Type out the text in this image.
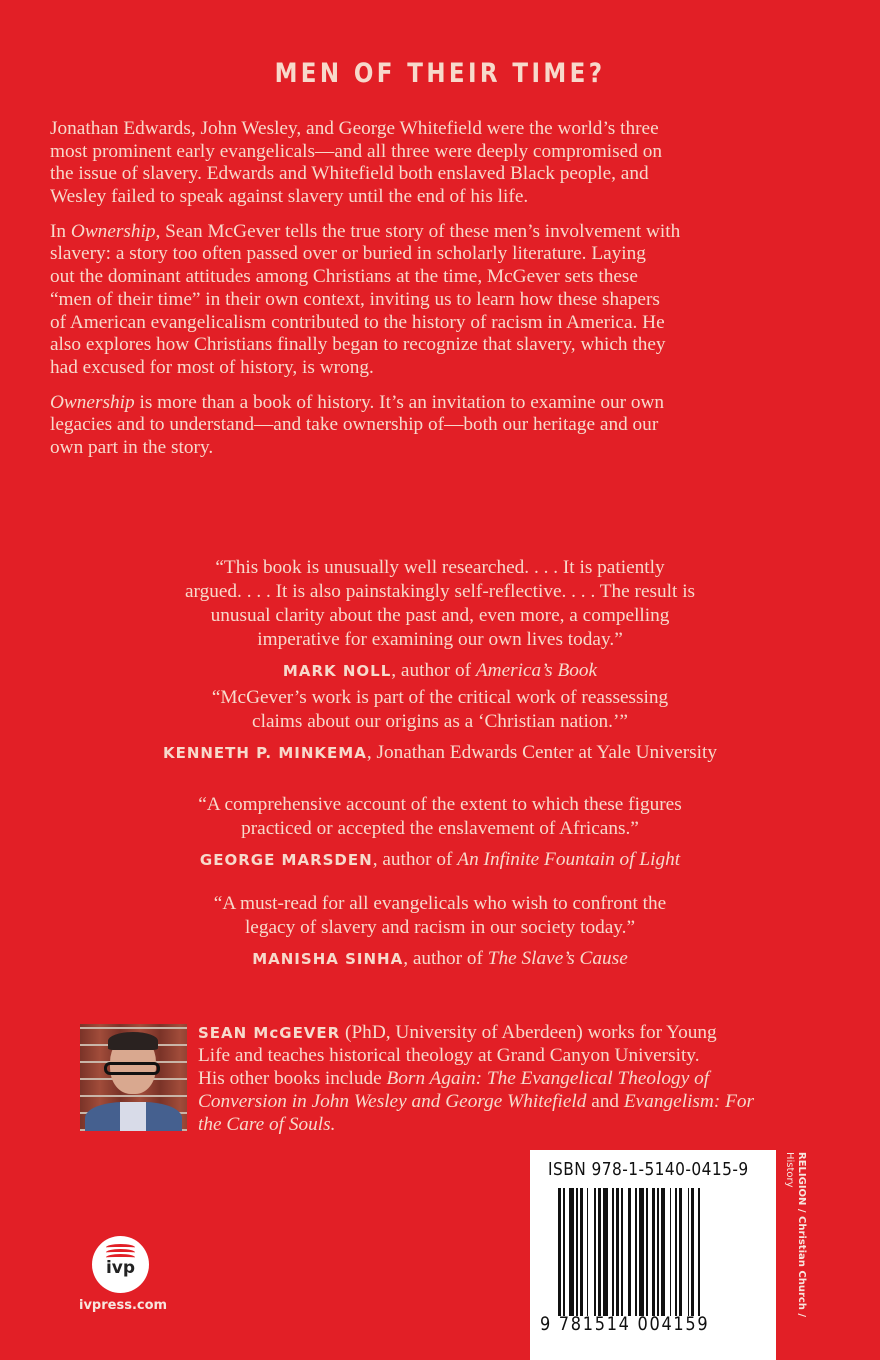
MEN OF THEIR TIME?
Jonathan Edwards, John Wesley, and George Whitefield were the world’s three
most prominent early evangelicals—and all three were deeply compromised on
the issue of slavery. Edwards and Whitefield both enslaved Black people, and
Wesley failed to speak against slavery until the end of his life.
In Ownership, Sean McGever tells the true story of these men’s involvement with
slavery: a story too often passed over or buried in scholarly literature. Laying
out the dominant attitudes among Christians at the time, McGever sets these
“men of their time” in their own context, inviting us to learn how these shapers
of American evangelicalism contributed to the history of racism in America. He
also explores how Christians finally began to recognize that slavery, which they
had excused for most of history, is wrong.
Ownership is more than a book of history. It’s an invitation to examine our own
legacies and to understand—and take ownership of—both our heritage and our
own part in the story.
“This book is unusually well researched. . . . It is patiently
argued. . . . It is also painstakingly self-reflective. . . . The result is
unusual clarity about the past and, even more, a compelling
imperative for examining our own lives today.”
MARK NOLL, author of America’s Book
“McGever’s work is part of the critical work of reassessing
claims about our origins as a ‘Christian nation.’”
KENNETH P. MINKEMA, Jonathan Edwards Center at Yale University
“A comprehensive account of the extent to which these figures
practiced or accepted the enslavement of Africans.”
GEORGE MARSDEN, author of An Infinite Fountain of Light
“A must-read for all evangelicals who wish to confront the
legacy of slavery and racism in our society today.”
MANISHA SINHA, author of The Slave’s Cause
SEAN McGEVER (PhD, University of Aberdeen) works for Young
Life and teaches historical theology at Grand Canyon University.
His other books include Born Again: The Evangelical Theology of
Conversion in John Wesley and George Whitefield and Evangelism: For
the Care of Souls.
ivp
ivpress.com
ISBN 978-1-5140-0415-9
9 781514 004159
RELIGION / Christian Church /
History
